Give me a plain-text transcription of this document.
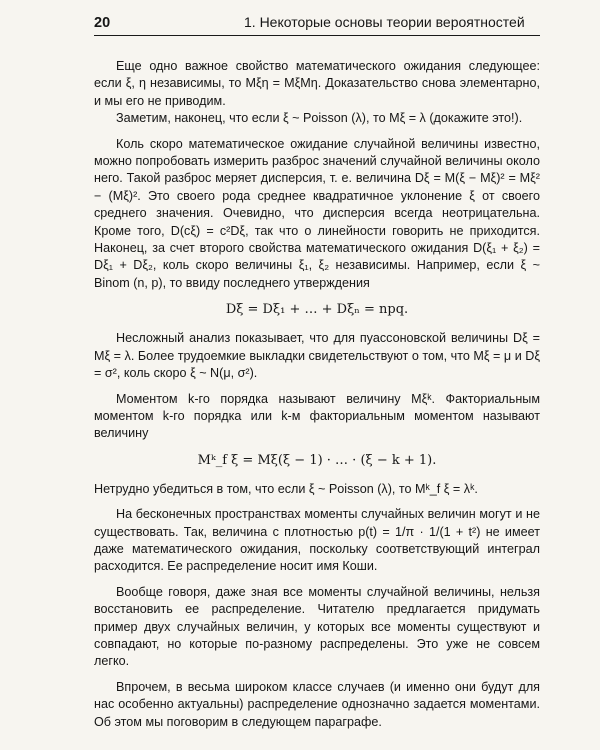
20	1. Некоторые основы теории вероятностей

Еще одно важное свойство математического ожидания следующее: если ξ, η независимы, то Mξη = MξMη. Доказательство снова элементарно, и мы его не приводим.

Заметим, наконец, что если ξ ~ Poisson (λ), то Mξ = λ (докажите это!).

Коль скоро математическое ожидание случайной величины известно, можно попробовать измерить разброс значений случайной величины около него. Такой разброс меряет дисперсия, т. е. величина Dξ = M(ξ − Mξ)² = Mξ² − (Mξ)². Это своего рода среднее квадратичное уклонение ξ от своего среднего значения. Очевидно, что дисперсия всегда неотрицательна. Кроме того, D(cξ) = c²Dξ, так что о линейности говорить не приходится. Наконец, за счет второго свойства математического ожидания D(ξ₁ + ξ₂) = Dξ₁ + Dξ₂, коль скоро величины ξ₁, ξ₂ независимы. Например, если ξ ~ Binom (n, p), то ввиду последнего утверждения

Dξ = Dξ₁ + … + Dξₙ = npq.

Несложный анализ показывает, что для пуассоновской величины Dξ = Mξ = λ. Более трудоемкие выкладки свидетельствуют о том, что Mξ = μ и Dξ = σ², коль скоро ξ ~ N(μ, σ²).

Моментом k-го порядка называют величину Mξᵏ. Факториальным моментом k-го порядка или k-м факториальным моментом называют величину

Mᵏ_f ξ = Mξ(ξ − 1) · … · (ξ − k + 1).

Нетрудно убедиться в том, что если ξ ~ Poisson (λ), то Mᵏ_f ξ = λᵏ.

На бесконечных пространствах моменты случайных величин могут и не существовать. Так, величина с плотностью p(t) = 1/π · 1/(1 + t²) не имеет даже математического ожидания, поскольку соответствующий интеграл расходится. Ее распределение носит имя Коши.

Вообще говоря, даже зная все моменты случайной величины, нельзя восстановить ее распределение. Читателю предлагается придумать пример двух случайных величин, у которых все моменты существуют и совпадают, но которые по-разному распределены. Это уже не совсем легко.

Впрочем, в весьма широком классе случаев (и именно они будут для нас особенно актуальны) распределение однозначно задается моментами. Об этом мы поговорим в следующем параграфе.
